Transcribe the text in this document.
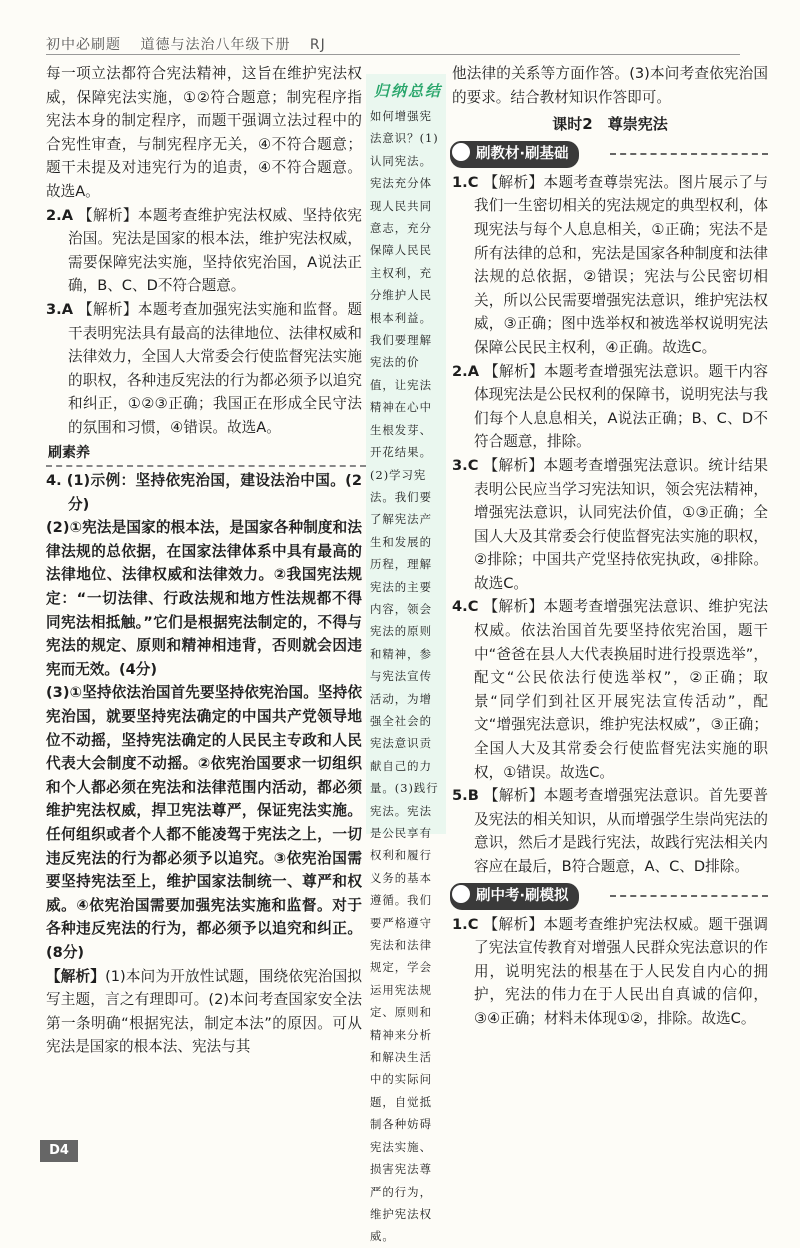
初中必刷题 道德与法治八年级下册 RJ

每一项立法都符合宪法精神，这旨在维护宪法权威，保障宪法实施，①②符合题意；制宪程序指宪法本身的制定程序，而题干强调立法过程中的合宪性审查，与制宪程序无关，④不符合题意；题干未提及对违宪行为的追责，④不符合题意。故选A。

2.A 【解析】本题考查维护宪法权威、坚持依宪治国。宪法是国家的根本法，维护宪法权威，需要保障宪法实施，坚持依宪治国，A说法正确，B、C、D不符合题意。

3.A 【解析】本题考查加强宪法实施和监督。题干表明宪法具有最高的法律地位、法律权威和法律效力，全国人大常委会行使监督宪法实施的职权，各种违反宪法的行为都必须予以追究和纠正，①②③正确；我国正在形成全民守法的氛围和习惯，④错误。故选A。

刷素养

4. (1)示例：坚持依宪治国，建设法治中国。(2分)

(2)①宪法是国家的根本法，是国家各种制度和法律法规的总依据，在国家法律体系中具有最高的法律地位、法律权威和法律效力。②我国宪法规定：“一切法律、行政法规和地方性法规都不得同宪法相抵触。”它们是根据宪法制定的，不得与宪法的规定、原则和精神相违背，否则就会因违宪而无效。(4分)

(3)①坚持依法治国首先要坚持依宪治国。坚持依宪治国，就要坚持宪法确定的中国共产党领导地位不动摇，坚持宪法确定的人民民主专政和人民代表大会制度不动摇。②依宪治国要求一切组织和个人都必须在宪法和法律范围内活动，都必须维护宪法权威，捍卫宪法尊严，保证宪法实施。任何组织或者个人都不能凌驾于宪法之上，一切违反宪法的行为都必须予以追究。③依宪治国需要坚持宪法至上，维护国家法制统一、尊严和权威。④依宪治国需要加强宪法实施和监督。对于各种违反宪法的行为，都必须予以追究和纠正。(8分)

【解析】(1)本问为开放性试题，围绕依宪治国拟写主题，言之有理即可。(2)本问考查国家安全法第一条明确“根据宪法，制定本法”的原因。可从宪法是国家的根本法、宪法与其

归纳总结
如何增强宪法意识？(1)认同宪法。宪法充分体现人民共同意志，充分保障人民民主权利，充分维护人民根本利益。我们要理解宪法的价值，让宪法精神在心中生根发芽、开花结果。(2)学习宪法。我们要了解宪法产生和发展的历程，理解宪法的主要内容，领会宪法的原则和精神，参与宪法宣传活动，为增强全社会的宪法意识贡献自己的力量。(3)践行宪法。宪法是公民享有权利和履行义务的基本遵循。我们要严格遵守宪法和法律规定，学会运用宪法规定、原则和精神来分析和解决生活中的实际问题，自觉抵制各种妨碍宪法实施、损害宪法尊严的行为，维护宪法权威。

他法律的关系等方面作答。(3)本问考查依宪治国的要求。结合教材知识作答即可。

课时2　尊崇宪法
刷教材·刷基础

1.C 【解析】本题考查尊崇宪法。图片展示了与我们一生密切相关的宪法规定的典型权利，体现宪法与每个人息息相关，①正确；宪法不是所有法律的总和，宪法是国家各种制度和法律法规的总依据，②错误；宪法与公民密切相关，所以公民需要增强宪法意识，维护宪法权威，③正确；图中选举权和被选举权说明宪法保障公民民主权利，④正确。故选C。

2.A 【解析】本题考查增强宪法意识。题干内容体现宪法是公民权利的保障书，说明宪法与我们每个人息息相关，A说法正确；B、C、D不符合题意，排除。

3.C 【解析】本题考查增强宪法意识。统计结果表明公民应当学习宪法知识，领会宪法精神，增强宪法意识，认同宪法价值，①③正确；全国人大及其常委会行使监督宪法实施的职权，②排除；中国共产党坚持依宪执政，④排除。故选C。

4.C 【解析】本题考查增强宪法意识、维护宪法权威。依法治国首先要坚持依宪治国，题干中“爸爸在县人大代表换届时进行投票选举”，配文“公民依法行使选举权”，②正确；取景“同学们到社区开展宪法宣传活动”，配文“增强宪法意识，维护宪法权威”，③正确；全国人大及其常委会行使监督宪法实施的职权，①错误。故选C。

5.B 【解析】本题考查增强宪法意识。首先要普及宪法的相关知识，从而增强学生崇尚宪法的意识，然后才是践行宪法，故践行宪法相关内容应在最后，B符合题意，A、C、D排除。

刷中考·刷模拟

1.C 【解析】本题考查维护宪法权威。题干强调了宪法宣传教育对增强人民群众宪法意识的作用，说明宪法的根基在于人民发自内心的拥护，宪法的伟力在于人民出自真诚的信仰，③④正确；材料未体现①②，排除。故选C。

D4
